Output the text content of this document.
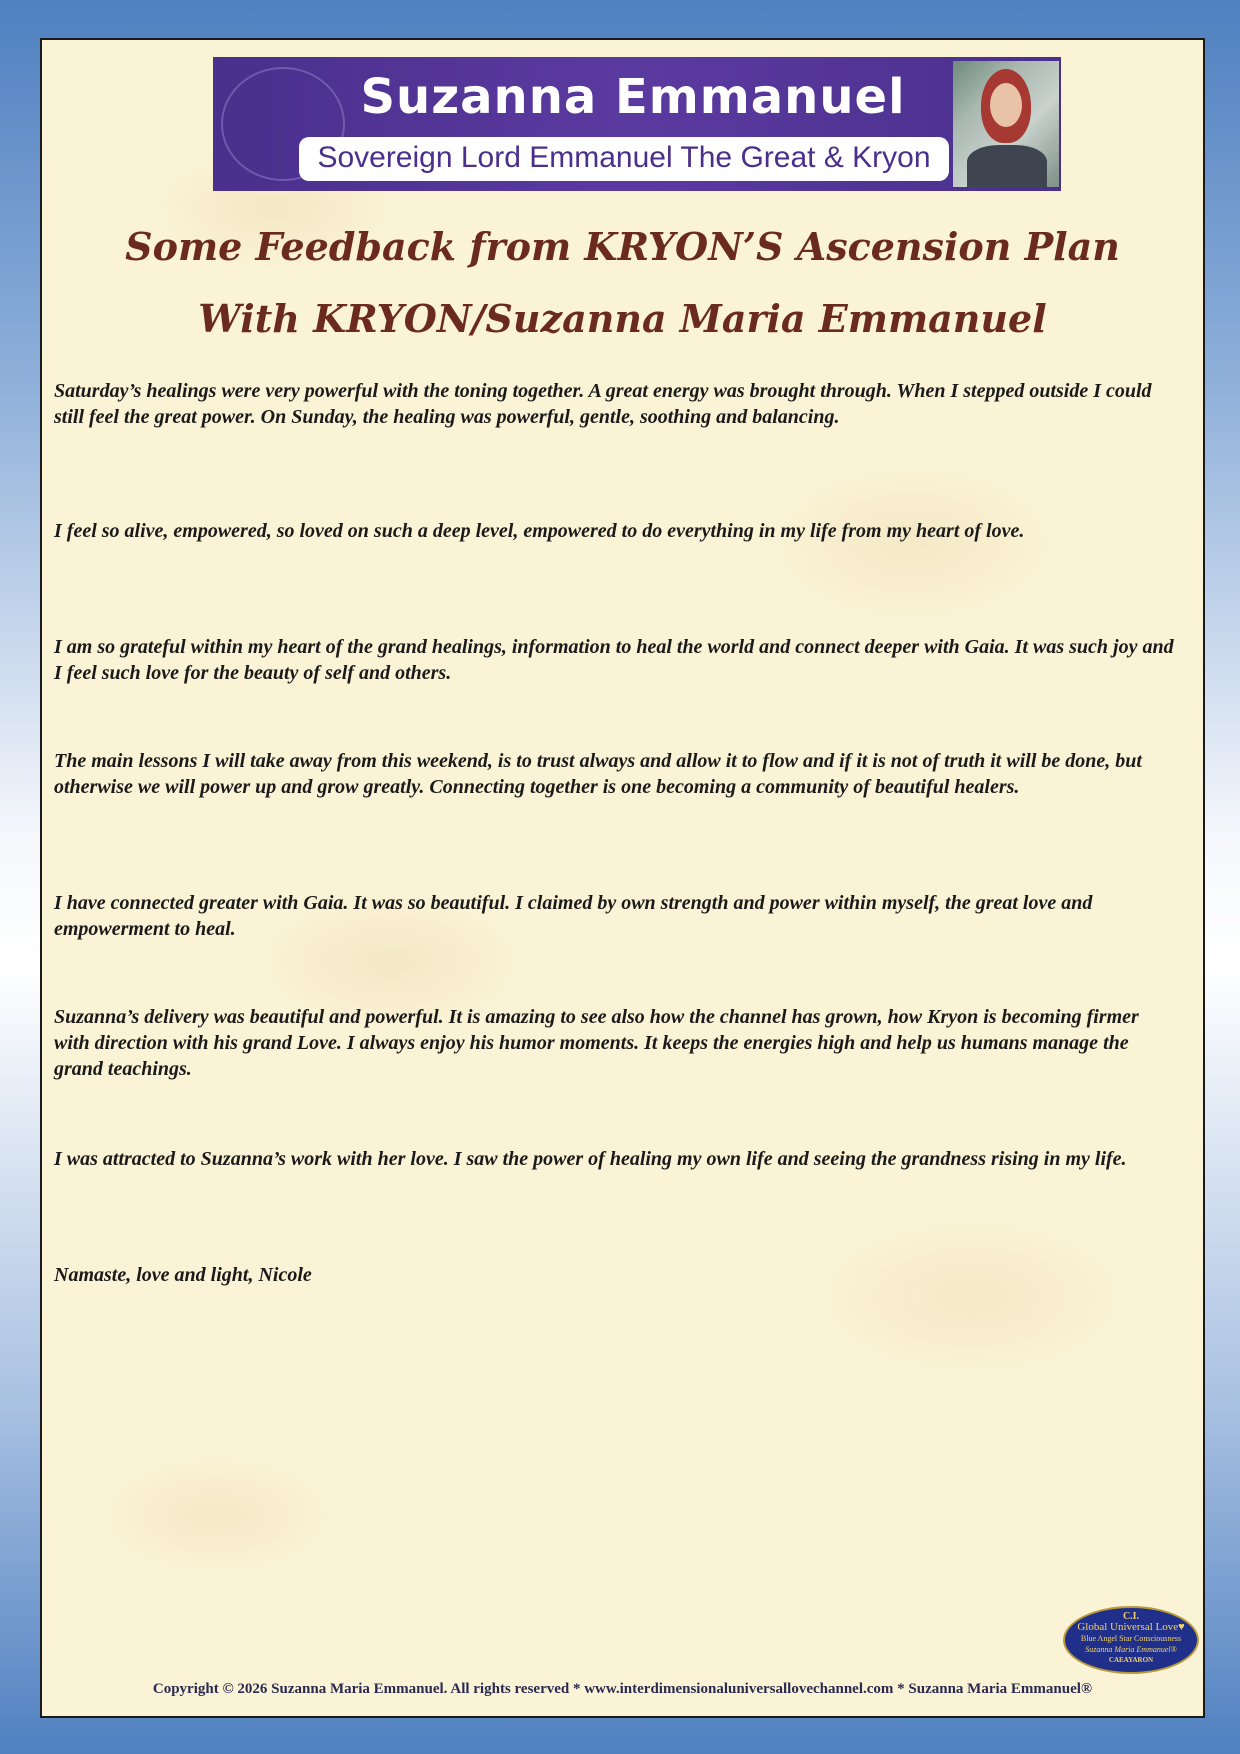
Suzanna Emmanuel
Sovereign Lord Emmanuel The Great & Kryon
Some Feedback from KRYON’S Ascension Plan
With KRYON/Suzanna Maria Emmanuel

Saturday’s healings were very powerful with the toning together. A great energy was brought through. When I stepped outside I could still feel the great power. On Sunday, the healing was powerful, gentle, soothing and balancing.

I feel so alive, empowered, so loved on such a deep level, empowered to do everything in my life from my heart of love.

I am so grateful within my heart of the grand healings, information to heal the world and connect deeper with Gaia. It was such joy and I feel such love for the beauty of self and others.

The main lessons I will take away from this weekend, is to trust always and allow it to flow and if it is not of truth it will be done, but otherwise we will power up and grow greatly. Connecting together is one becoming a community of beautiful healers.

I have connected greater with Gaia. It was so beautiful. I claimed by own strength and power within myself, the great love and empowerment to heal.

Suzanna’s delivery was beautiful and powerful. It is amazing to see also how the channel has grown, how Kryon is becoming firmer with direction with his grand Love. I always enjoy his humor moments. It keeps the energies high and help us humans manage the grand teachings.

I was attracted to Suzanna’s work with her love. I saw the power of healing my own life and seeing the grandness rising in my life.

Namaste, love and light, Nicole

C.I.
Global Universal Love♥
Blue Angel Star Consciousness
Suzanna Maria Emmanuel®
CAEAYARON
Copyright © 2026 Suzanna Maria Emmanuel. All rights reserved * www.interdimensionaluniversallovechannel.com * Suzanna Maria Emmanuel®
